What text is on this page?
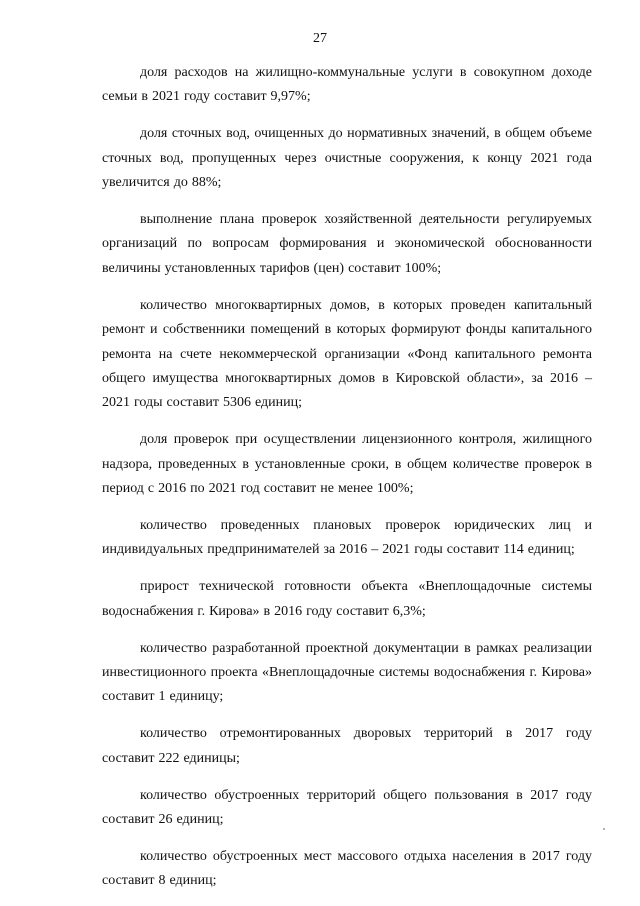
27

доля расходов на жилищно-коммунальные услуги в совокупном доходе семьи в 2021 году составит 9,97%;

доля сточных вод, очищенных до нормативных значений, в общем объеме сточных вод, пропущенных через очистные сооружения, к концу 2021 года увеличится до 88%;

выполнение плана проверок хозяйственной деятельности регулируемых организаций по вопросам формирования и экономической обоснованности величины установленных тарифов (цен) составит 100%;

количество многоквартирных домов, в которых проведен капитальный ремонт и собственники помещений в которых формируют фонды капитального ремонта на счете некоммерческой организации «Фонд капитального ремонта общего имущества многоквартирных домов в Кировской области», за 2016 – 2021 годы составит 5306 единиц;

доля проверок при осуществлении лицензионного контроля, жилищного надзора, проведенных в установленные сроки, в общем количестве проверок в период с 2016 по 2021 год составит не менее 100%;

количество проведенных плановых проверок юридических лиц и индивидуальных предпринимателей за 2016 – 2021 годы составит 114 единиц;

прирост технической готовности объекта «Внеплощадочные системы водоснабжения г. Кирова» в 2016 году составит 6,3%;

количество разработанной проектной документации в рамках реализации инвестиционного проекта «Внеплощадочные системы водоснабжения г. Кирова» составит 1 единицу;

количество отремонтированных дворовых территорий в 2017 году составит 222 единицы;

количество обустроенных территорий общего пользования в 2017 году составит 26 единиц;

количество обустроенных мест массового отдыха населения в 2017 году составит 8 единиц;
